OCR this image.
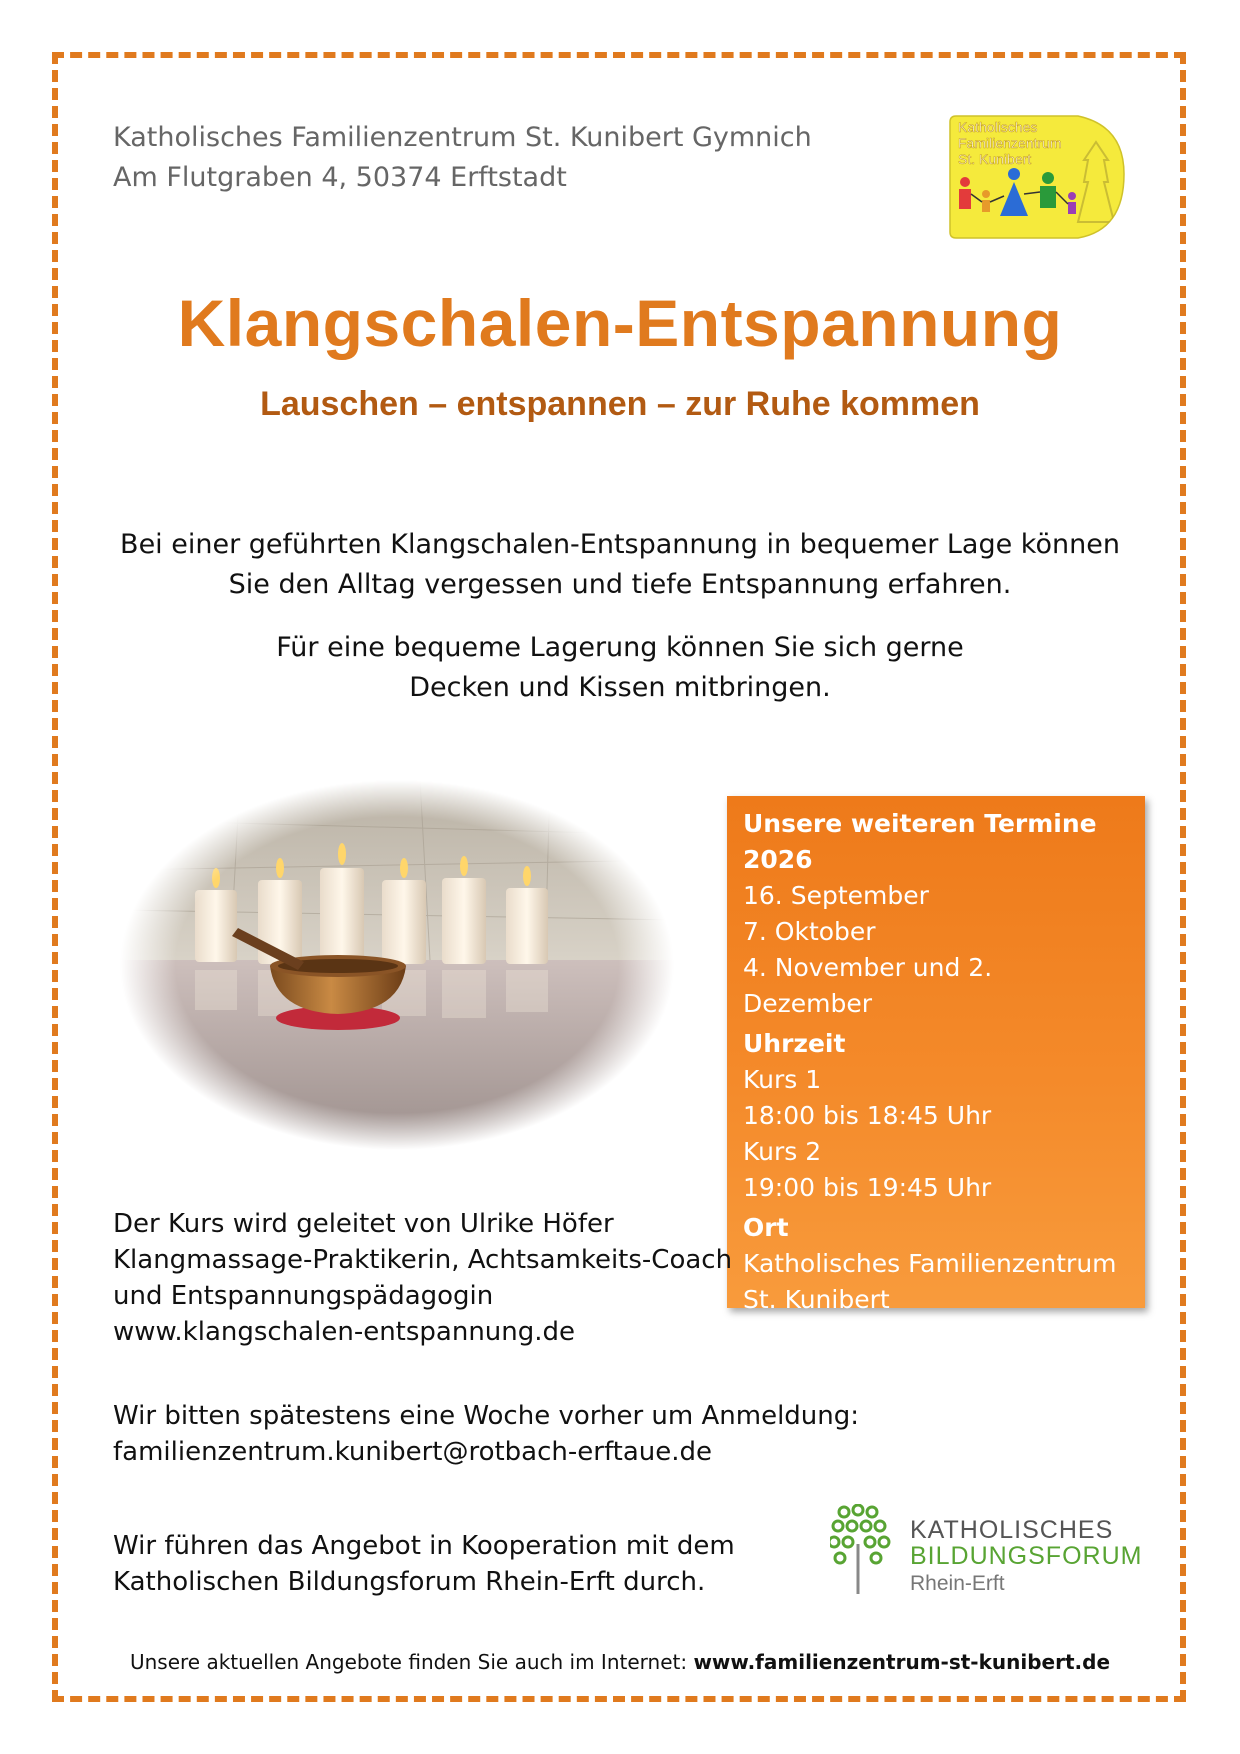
Katholisches Familienzentrum St. Kunibert Gymnich
Am Flutgraben 4, 50374 Erftstadt
Katholisches
Familienzentrum
St. Kunibert
Klangschalen-Entspannung
Lauschen – entspannen – zur Ruhe kommen
Bei einer geführten Klangschalen-Entspannung in bequemer Lage können
Sie den Alltag vergessen und tiefe Entspannung erfahren.
Für eine bequeme Lagerung können Sie sich gerne
Decken und Kissen mitbringen.
Unsere weiteren Termine 2026
16. September
7. Oktober
4. November und 2. Dezember
Uhrzeit
Kurs 1
18:00 bis 18:45 Uhr
Kurs 2
19:00 bis 19:45 Uhr
Ort
Katholisches Familienzentrum
St. Kunibert
Der Kurs ist kostenfrei.
Der Kurs wird geleitet von Ulrike Höfer
Klangmassage-Praktikerin, Achtsamkeits-Coach
und Entspannungspädagogin
www.klangschalen-entspannung.de
Wir bitten spätestens eine Woche vorher um Anmeldung:
familienzentrum.kunibert@rotbach-erftaue.de
Wir führen das Angebot in Kooperation mit dem
Katholischen Bildungsforum Rhein-Erft durch.
KATHOLISCHES
BILDUNGSFORUM
Rhein-Erft
Unsere aktuellen Angebote finden Sie auch im Internet: www.familienzentrum-st-kunibert.de
